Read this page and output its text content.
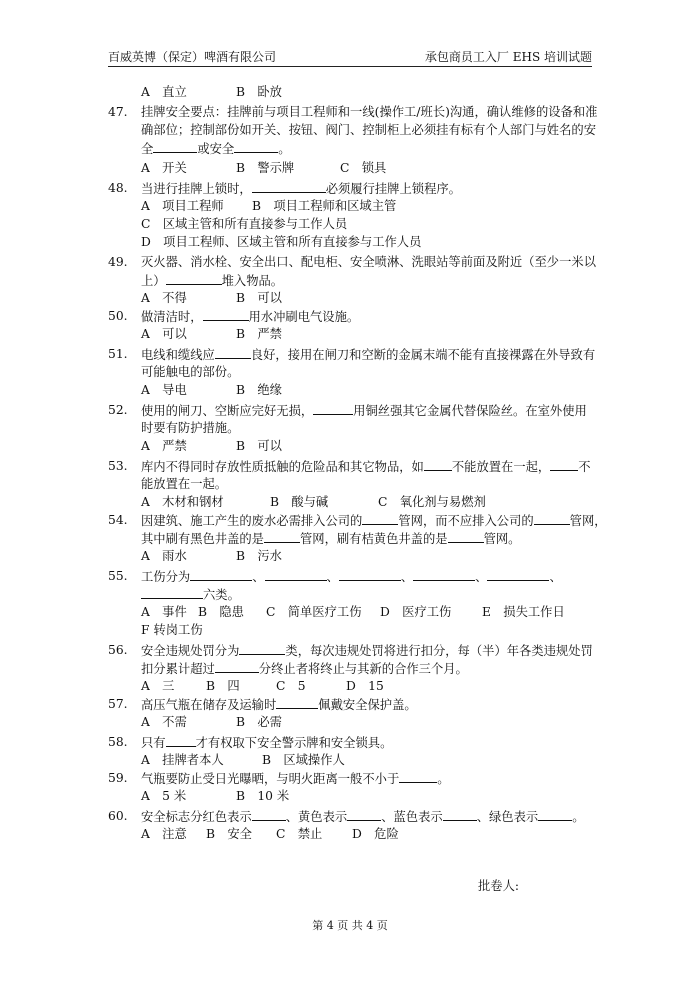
百威英博（保定）啤酒有限公司	承包商员工入厂 EHS 培训试题
A　直立	B　卧放
47. 挂牌安全要点：挂牌前与项目工程师和一线(操作工/班长)沟通，确认维修的设备和准
确部位；控制部份如开关、按钮、阀门、控制柜上必须挂有标有个人部门与姓名的安
全	或安全	。
A　开关	B　警示牌	C　锁具
48. 当进行挂牌上锁时，	必须履行挂牌上锁程序。
A　项目工程师 B　项目工程师和区域主管
C　区域主管和所有直接参与工作人员
D　项目工程师、区域主管和所有直接参与工作人员
49. 灭火器、消水栓、安全出口、配电柜、安全喷淋、洗眼站等前面及附近（至少一米以
上）	堆入物品。
A　不得	B　可以
50. 做清洁时，	用水冲刷电气设施。
A　可以	B　严禁
51. 电线和缆线应	良好，接用在闸刀和空断的金属末端不能有直接裸露在外导致有
可能触电的部份。
A　导电	B　绝缘
52. 使用的闸刀、空断应完好无损，	用铜丝强其它金属代替保险丝。在室外使用
时要有防护措施。
A　严禁	B　可以
53. 库内不得同时存放性质抵触的危险品和其它物品，如 不能放置在一起， 不
能放置在一起。
A　木材和钢材	B　酸与碱	C　氧化剂与易燃剂
54. 因建筑、施工产生的废水必需排入公司的	管网，而不应排入公司的	管网，
其中刷有黑色井盖的是	管网，刷有桔黄色井盖的是	管网。
A　雨水	B　污水
55. 工伤分为	、	、	、	、	、
六类。
A　事件 B　隐患 C　简单医疗工伤 D　医疗工伤 E　损失工作日
F 转岗工伤
56. 安全违规处罚分为	类，每次违规处罚将进行扣分，每（半）年各类违规处罚
扣分累计超过	分终止者将终止与其新的合作三个月。
A　三	B　四	C　5	D　15
57. 高压气瓶在储存及运输时	佩戴安全保护盖。
A　不需	B　必需
58. 只有 才有权取下安全警示牌和安全锁具。
A　挂牌者本人	B　区域操作人
59. 气瓶要防止受日光曝晒，与明火距离一般不小于	。
A　5 米	B　10 米
60. 安全标志分红色表示	、黄色表示	、蓝色表示	、绿色表示	。
A　注意 B　安全 C　禁止 D　危险
批卷人:
第 4 页 共 4 页
